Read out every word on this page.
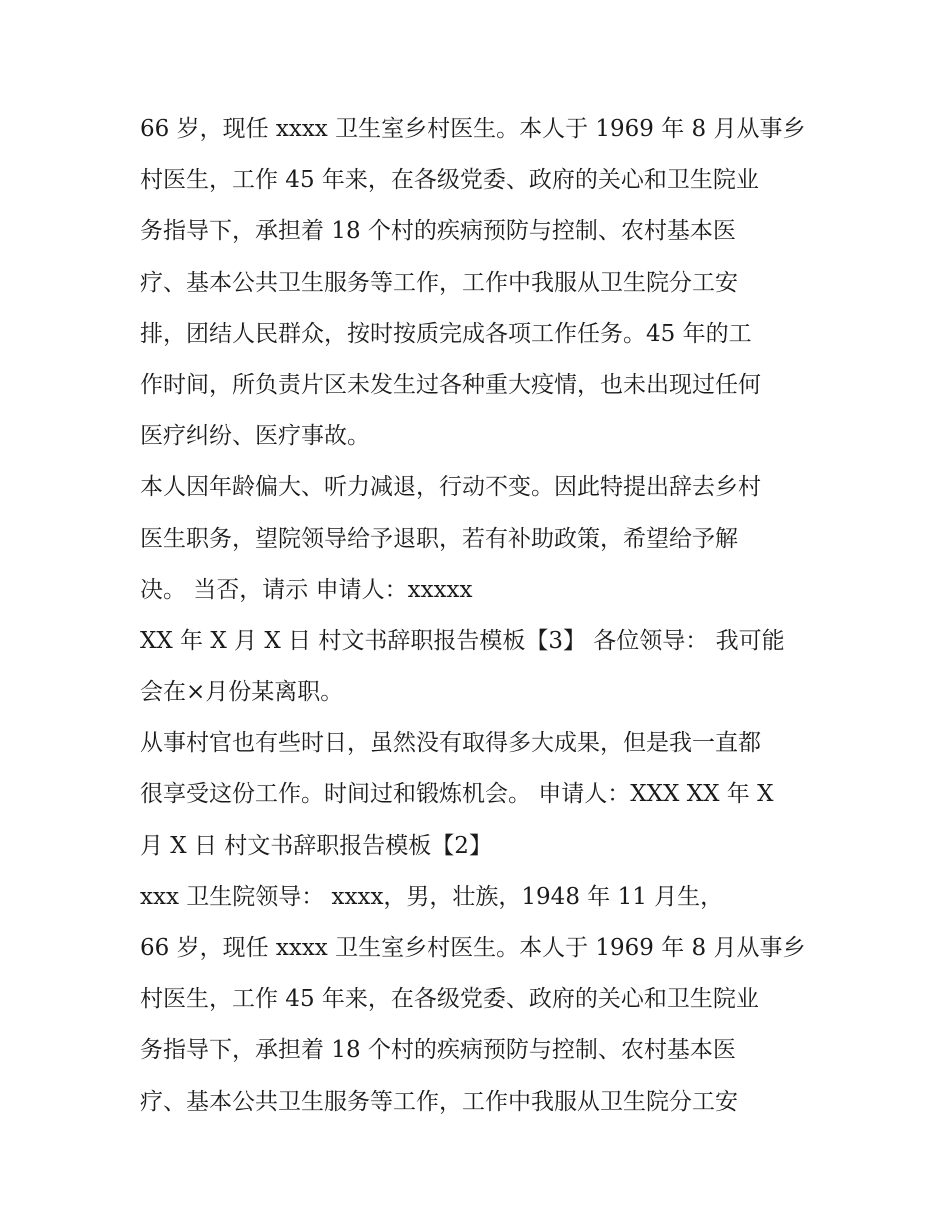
66 岁，现任 xxxx 卫生室乡村医生。本人于 1969 年 8 月从事乡
村医生，工作 45 年来，在各级党委、政府的关心和卫生院业
务指导下，承担着 18 个村的疾病预防与控制、农村基本医
疗、基本公共卫生服务等工作，工作中我服从卫生院分工安
排，团结人民群众，按时按质完成各项工作任务。45 年的工
作时间，所负责片区未发生过各种重大疫情，也未出现过任何
医疗纠纷、医疗事故。
本人因年龄偏大、听力减退，行动不变。因此特提出辞去乡村
医生职务，望院领导给予退职，若有补助政策，希望给予解
决。 当否，请示 申请人：xxxxx
XX 年 X 月 X 日 村文书辞职报告模板【3】 各位领导： 我可能
会在×月份某离职。
从事村官也有些时日，虽然没有取得多大成果，但是我一直都
很享受这份工作。时间过和锻炼机会。 申请人：XXX XX 年 X
月 X 日 村文书辞职报告模板【2】
xxx 卫生院领导： xxxx，男，壮族，1948 年 11 月生，
66 岁，现任 xxxx 卫生室乡村医生。本人于 1969 年 8 月从事乡
村医生，工作 45 年来，在各级党委、政府的关心和卫生院业
务指导下，承担着 18 个村的疾病预防与控制、农村基本医
疗、基本公共卫生服务等工作，工作中我服从卫生院分工安
